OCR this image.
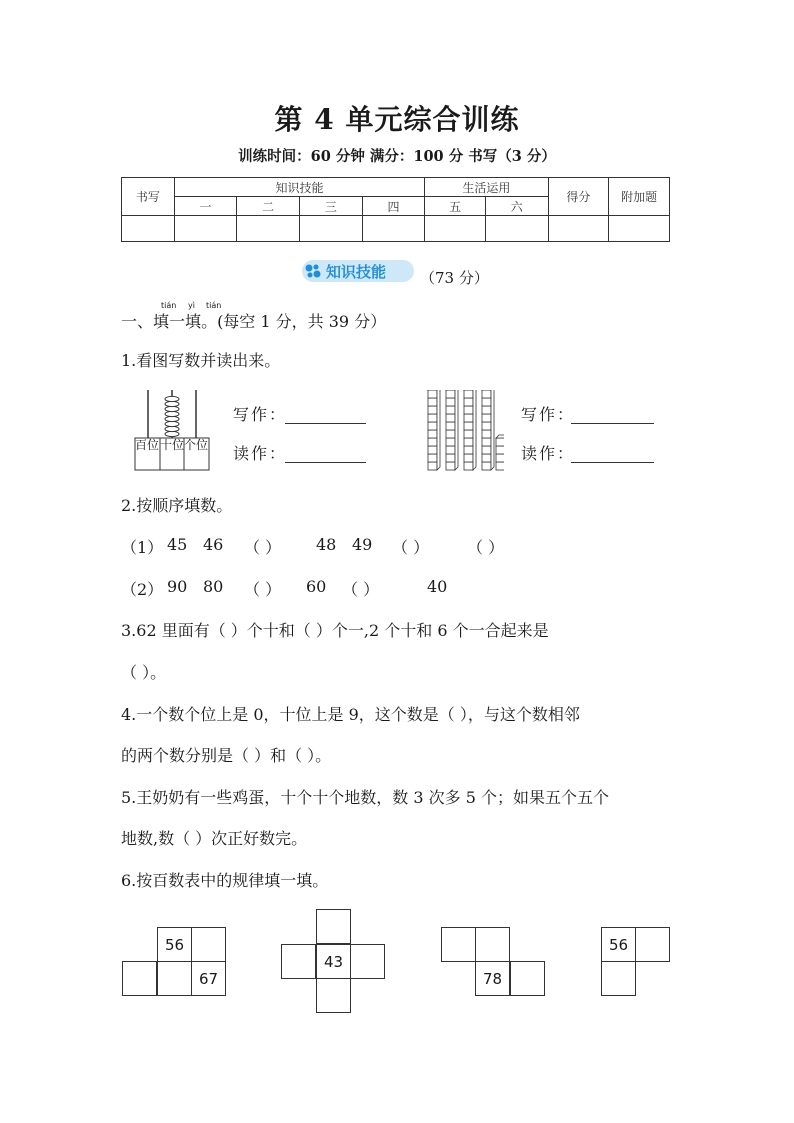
第 4 单元综合训练
训练时间：60 分钟 满分：100 分 书写（3 分）
书写	知识技能				生活运用		得分	附加题
	一	二	三	四	五	六		

知识技能 （73 分）
tián yì tián
一、填一填。(每空 1 分，共 39 分）
1.看图写数并读出来。
百位 十位 个位
写作：
读作：
写作：
读作：
2.按顺序填数。
（1） 45 46 （ ） 48 49 （ ） （ ）
（2） 90 80 （ ） 60 （ ）	40
3.62 里面有（ ）个十和（ ）个一,2 个十和 6 个一合起来是
（ ）。
4.一个数个位上是 0，十位上是 9，这个数是（ ），与这个数相邻
的两个数分别是（ ）和（ ）。
5.王奶奶有一些鸡蛋，十个十个地数，数 3 次多 5 个；如果五个五个
地数,数（ ）次正好数完。
6.按百数表中的规律填一填。
56
67
43
78
56
